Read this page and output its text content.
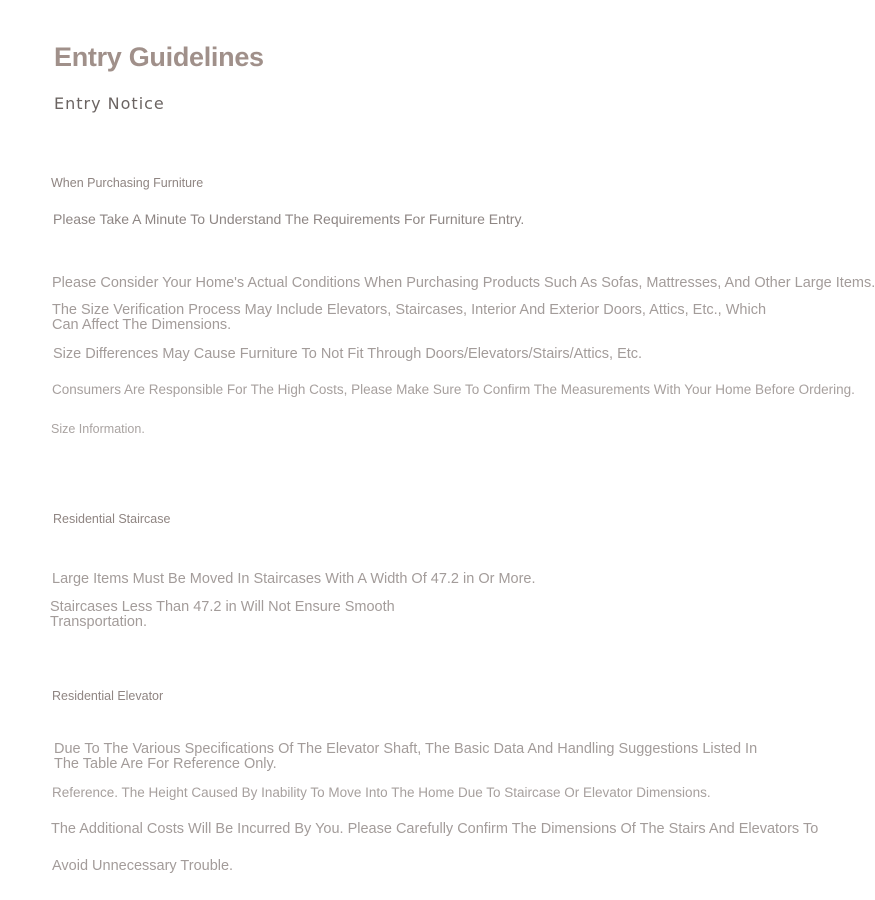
Entry Guidelines
Entry Notice
When Purchasing Furniture
Please Take A Minute To Understand The Requirements For Furniture Entry.
Please Consider Your Home's Actual Conditions When Purchasing Products Such As Sofas, Mattresses, And Other Large Items.
The Size Verification Process May Include Elevators, Staircases, Interior And Exterior Doors, Attics, Etc., Which Can Affect The Dimensions.
Size Differences May Cause Furniture To Not Fit Through Doors/Elevators/Stairs/Attics, Etc.
Consumers Are Responsible For The High Costs, Please Make Sure To Confirm The Measurements With Your Home Before Ordering.
Size Information.
Residential Staircase
Large Items Must Be Moved In Staircases With A Width Of 47.2 in Or More.
Staircases Less Than 47.2 in Will Not Ensure Smooth Transportation.
Residential Elevator
Due To The Various Specifications Of The Elevator Shaft, The Basic Data And Handling Suggestions Listed In The Table Are For Reference Only.
Reference. The Height Caused By Inability To Move Into The Home Due To Staircase Or Elevator Dimensions.
The Additional Costs Will Be Incurred By You. Please Carefully Confirm The Dimensions Of The Stairs And Elevators To
Avoid Unnecessary Trouble.
